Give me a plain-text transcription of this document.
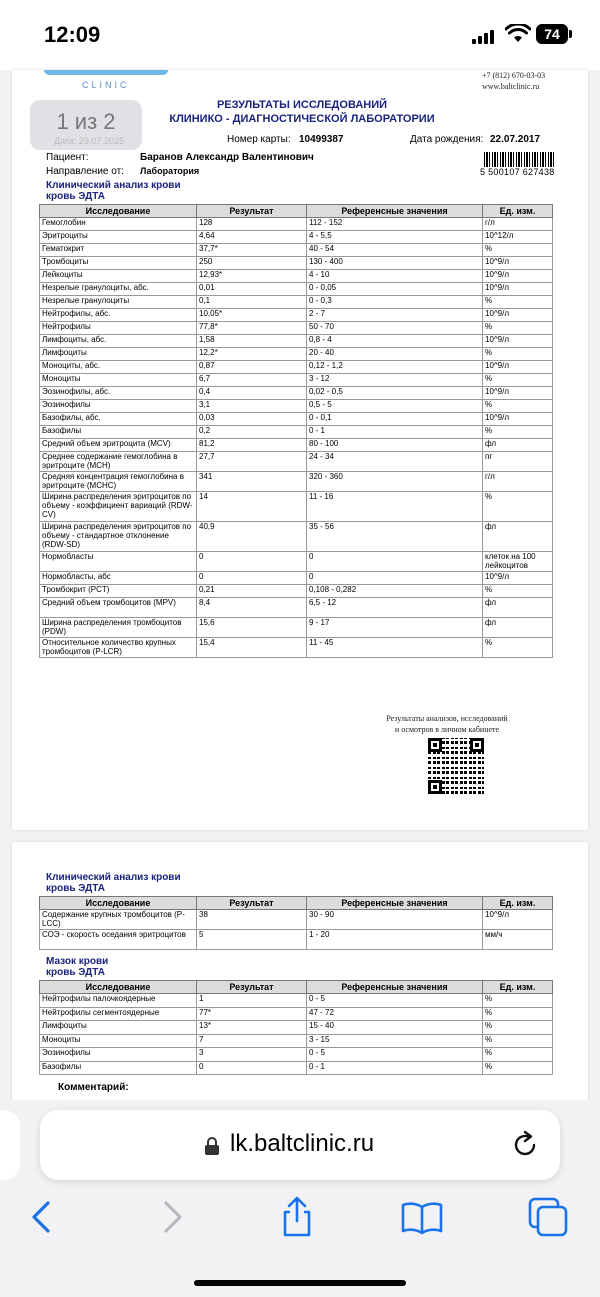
12:09	74
CLINIC
+7 (812) 670-03-03
www.baltclinic.ru
РЕЗУЛЬТАТЫ ИССЛЕДОВАНИЙ
КЛИНИКО - ДИАГНОСТИЧЕСКОЙ ЛАБОРАТОРИИ
1 из 2
Дата: 29.07.2025	Номер карты: 10499387	Дата рождения: 22.07.2017
Пациент:	Баранов Александр Валентинович
Направление от: Лаборатория	5 500107 627438
Клинический анализ крови
кровь ЭДТА
Исследование	Результат	Референсные значения	Ед. изм.
Гемоглобин	128	112 - 152	г/л
Эритроциты	4,64	4 - 5,5	10^12/л
Гематокрит	37,7*	40 - 54	%
Тромбоциты	250	130 - 400	10^9/л
Лейкоциты	12,93*	4 - 10	10^9/л
Незрелые гранулоциты, абс.	0,01	0 - 0,05	10^9/л
Незрелые гранулоциты	0,1	0 - 0,3	%
Нейтрофилы, абс.	10,05*	2 - 7	10^9/л
Нейтрофилы	77,8*	50 - 70	%
Лимфоциты, абс.	1,58	0,8 - 4	10^9/л
Лимфоциты	12,2*	20 - 40	%
Моноциты, абс.	0,87	0,12 - 1,2	10^9/л
Моноциты	6,7	3 - 12	%
Эозинофилы, абс.	0,4	0,02 - 0,5	10^9/л
Эозинофилы	3,1	0,5 - 5	%
Базофилы, абс.	0,03	0 - 0,1	10^9/л
Базофилы	0,2	0 - 1	%
Средний объем эритроцита (MCV)	81,2	80 - 100	фл
Среднее содержание гемоглобина в эритроците (MCH)	27,7	24 - 34	пг
Средняя концентрация гемоглобина в эритроците (MCHC)	341	320 - 360	г/л
Ширина распределения эритроцитов по объему - коэффициент вариаций (RDW-CV)	14	11 - 16	%
Ширина распределения эритроцитов по объему - стандартное отклонение (RDW-SD)	40,9	35 - 56	фл
Нормобласты	0	0	клеток на 100 лейкоцитов
Нормобласты, абс	0	0	10^9/л
Тромбокрит (PCT)	0,21	0,108 - 0,282	%
Средний объем тромбоцитов (MPV)	8,4	6,5 - 12	фл
Ширина распределения тромбоцитов (PDW)	15,6	9 - 17	фл
Относительное количество крупных тромбоцитов (P-LCR)	15,4	11 - 45	%
Результаты анализов, исследований
и осмотров в личном кабинете
Клинический анализ крови
кровь ЭДТА
Исследование	Результат	Референсные значения	Ед. изм.
Содержание крупных тромбоцитов (P-LCC)	38	30 - 90	10^9/л
СОЭ - скорость оседания эритроцитов	5	1 - 20	мм/ч
Мазок крови
кровь ЭДТА
Исследование	Результат	Референсные значения	Ед. изм.
Нейтрофилы палочкоядерные	1	0 - 5	%
Нейтрофилы сегментоядерные	77*	47 - 72	%
Лимфоциты	13*	15 - 40	%
Моноциты	7	3 - 15	%
Эозинофилы	3	0 - 5	%
Базофилы	0	0 - 1	%
Комментарий:
lk.baltclinic.ru
